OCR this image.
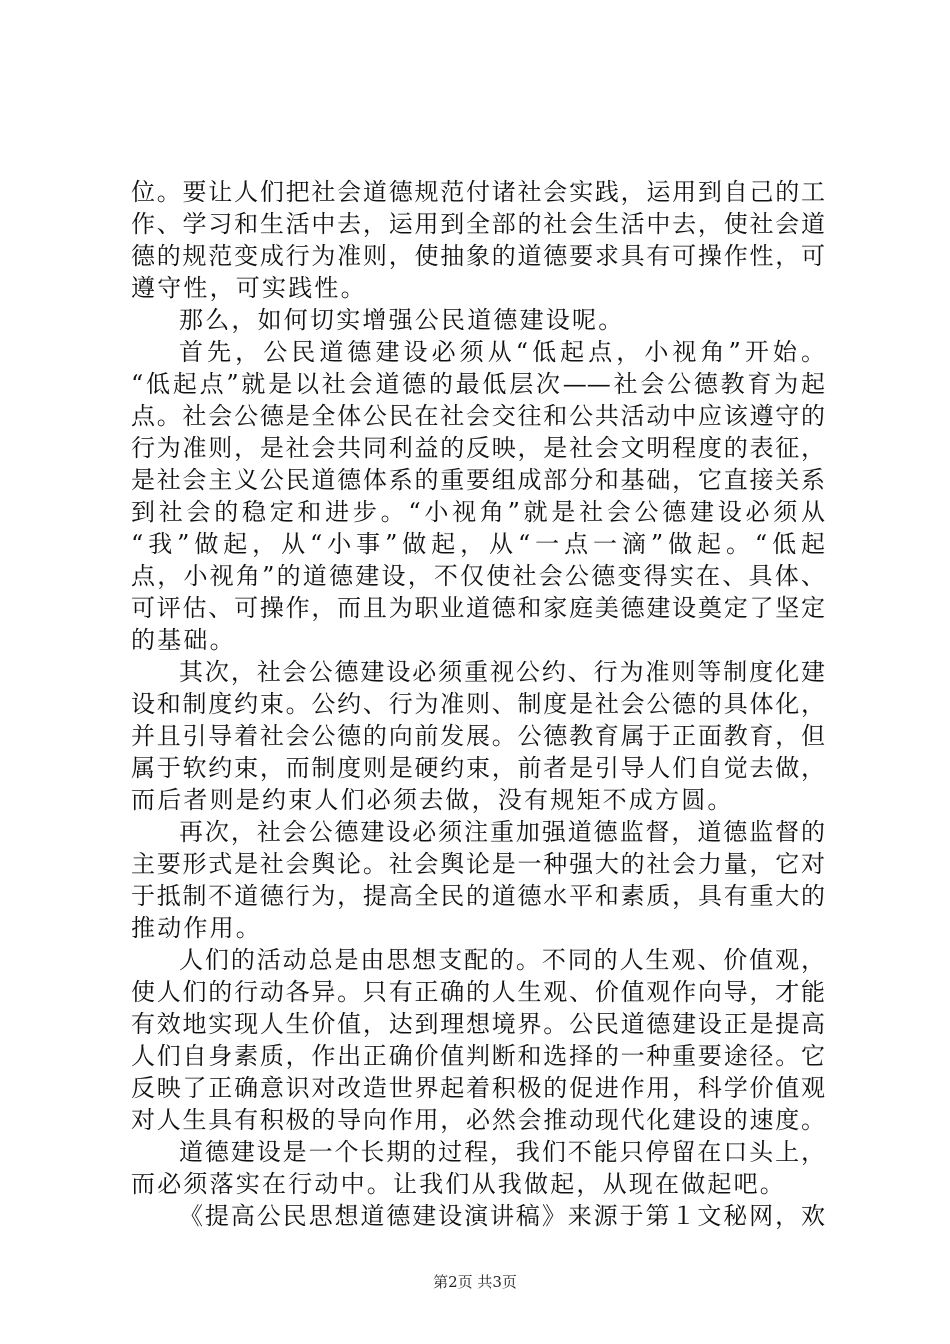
位。要让人们把社会道德规范付诸社会实践，运用到自己的工
作、学习和生活中去，运用到全部的社会生活中去，使社会道
德的规范变成行为准则，使抽象的道德要求具有可操作性，可
遵守性，可实践性。
那么，如何切实增强公民道德建设呢。
首先，公民道德建设必须从“低起点，小视角”开始。
“低起点”就是以社会道德的最低层次——社会公德教育为起
点。社会公德是全体公民在社会交往和公共活动中应该遵守的
行为准则，是社会共同利益的反映，是社会文明程度的表征，
是社会主义公民道德体系的重要组成部分和基础，它直接关系
到社会的稳定和进步。“小视角”就是社会公德建设必须从
“我”做起，从“小事”做起，从“一点一滴”做起。“低起
点，小视角”的道德建设，不仅使社会公德变得实在、具体、
可评估、可操作，而且为职业道德和家庭美德建设奠定了坚定
的基础。
其次，社会公德建设必须重视公约、行为准则等制度化建
设和制度约束。公约、行为准则、制度是社会公德的具体化，
并且引导着社会公德的向前发展。公德教育属于正面教育，但
属于软约束，而制度则是硬约束，前者是引导人们自觉去做，
而后者则是约束人们必须去做，没有规矩不成方圆。
再次，社会公德建设必须注重加强道德监督，道德监督的
主要形式是社会舆论。社会舆论是一种强大的社会力量，它对
于抵制不道德行为，提高全民的道德水平和素质，具有重大的
推动作用。
人们的活动总是由思想支配的。不同的人生观、价值观，
使人们的行动各异。只有正确的人生观、价值观作向导，才能
有效地实现人生价值，达到理想境界。公民道德建设正是提高
人们自身素质，作出正确价值判断和选择的一种重要途径。它
反映了正确意识对改造世界起着积极的促进作用，科学价值观
对人生具有积极的导向作用，必然会推动现代化建设的速度。
道德建设是一个长期的过程，我们不能只停留在口头上，
而必须落实在行动中。让我们从我做起，从现在做起吧。
《提高公民思想道德建设演讲稿》来源于第１文秘网，欢
第2页 共3页
